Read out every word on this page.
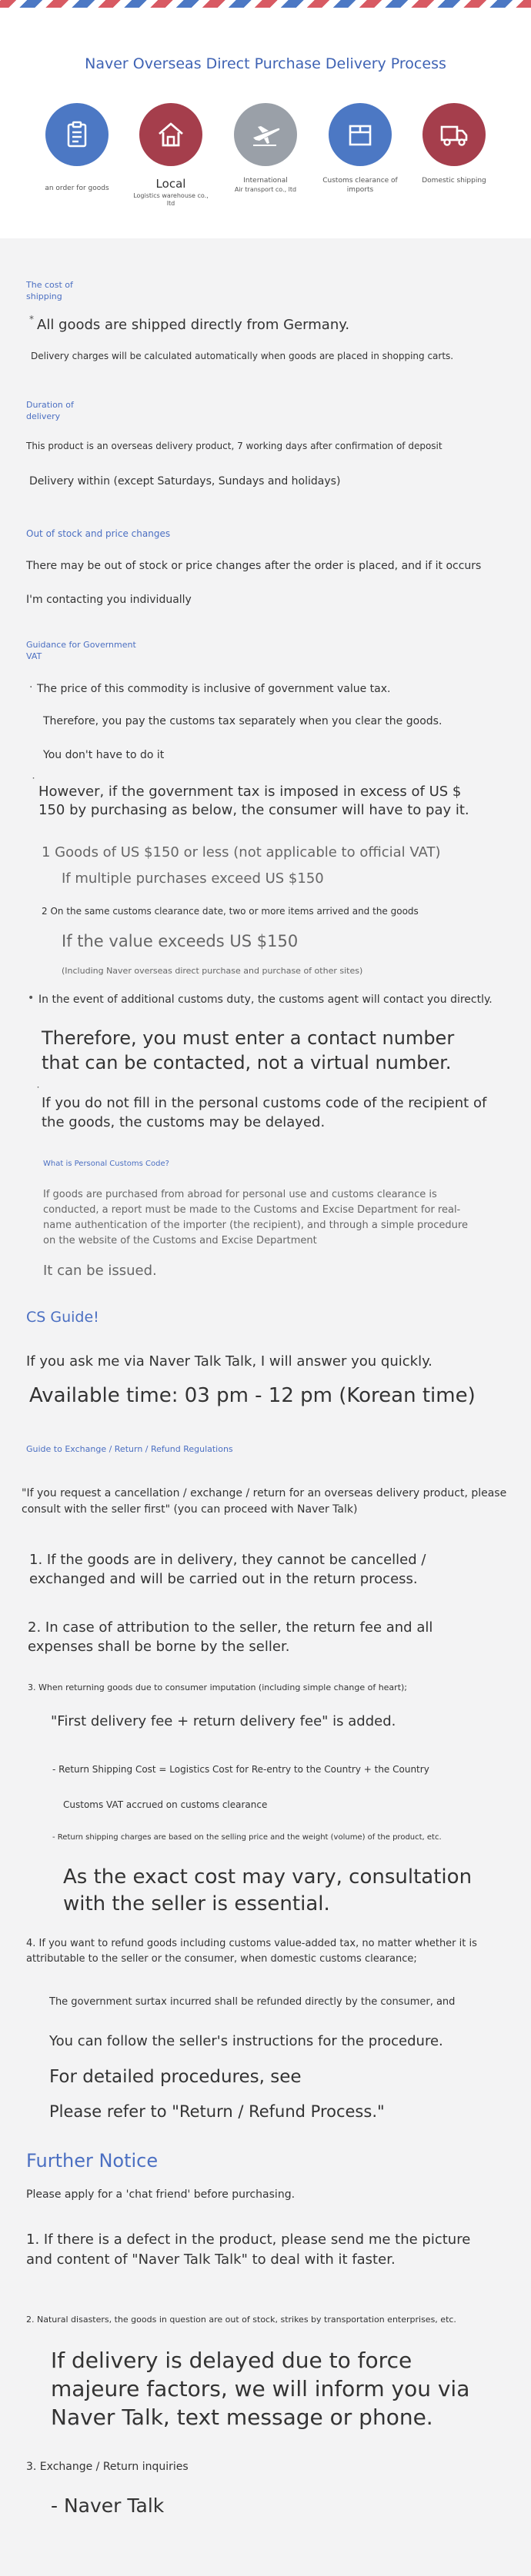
Naver Overseas Direct Purchase Delivery Process
an order for goods	Local
Logistics warehouse co., ltd
International
Air transport co., ltd
Customs clearance of imports
Domestic shipping
The cost of shipping
* All goods are shipped directly from Germany.
Delivery charges will be calculated automatically when goods are placed in shopping carts.
Duration of delivery
This product is an overseas delivery product, 7 working days after confirmation of deposit
Delivery within (except Saturdays, Sundays and holidays)
Out of stock and price changes
There may be out of stock or price changes after the order is placed, and if it occurs
I'm contacting you individually
Guidance for Government VAT
· The price of this commodity is inclusive of government value tax.
Therefore, you pay the customs tax separately when you clear the goods.
You don't have to do it
˙
However, if the government tax is imposed in excess of US $ 150 by purchasing as below, the consumer will have to pay it.
1 Goods of US $150 or less (not applicable to official VAT)
If multiple purchases exceed US $150
2 On the same customs clearance date, two or more items arrived and the goods
If the value exceeds US $150
(Including Naver overseas direct purchase and purchase of other sites)
• In the event of additional customs duty, the customs agent will contact you directly.
Therefore, you must enter a contact number that can be contacted, not a virtual number.
˙
If you do not fill in the personal customs code of the recipient of the goods, the customs may be delayed.
What is Personal Customs Code?
If goods are purchased from abroad for personal use and customs clearance is conducted, a report must be made to the Customs and Excise Department for real-name authentication of the importer (the recipient), and through a simple procedure on the website of the Customs and Excise Department
It can be issued.
CS Guide!
If you ask me via Naver Talk Talk, I will answer you quickly.
Available time: 03 pm - 12 pm (Korean time)
Guide to Exchange / Return / Refund Regulations
"If you request a cancellation / exchange / return for an overseas delivery product, please consult with the seller first" (you can proceed with Naver Talk)
1. If the goods are in delivery, they cannot be cancelled / exchanged and will be carried out in the return process.
2. In case of attribution to the seller, the return fee and all expenses shall be borne by the seller.
3. When returning goods due to consumer imputation (including simple change of heart);
"First delivery fee + return delivery fee" is added.
- Return Shipping Cost = Logistics Cost for Re-entry to the Country + the Country
Customs VAT accrued on customs clearance
- Return shipping charges are based on the selling price and the weight (volume) of the product, etc.
As the exact cost may vary, consultation with the seller is essential.
4. If you want to refund goods including customs value-added tax, no matter whether it is attributable to the seller or the consumer, when domestic customs clearance;
The government surtax incurred shall be refunded directly by the consumer, and
You can follow the seller's instructions for the procedure.
For detailed procedures, see
Please refer to "Return / Refund Process."
Further Notice
Please apply for a 'chat friend' before purchasing.
1. If there is a defect in the product, please send me the picture and content of "Naver Talk Talk" to deal with it faster.
2. Natural disasters, the goods in question are out of stock, strikes by transportation enterprises, etc.
If delivery is delayed due to force majeure factors, we will inform you via Naver Talk, text message or phone.
3. Exchange / Return inquiries
- Naver Talk
